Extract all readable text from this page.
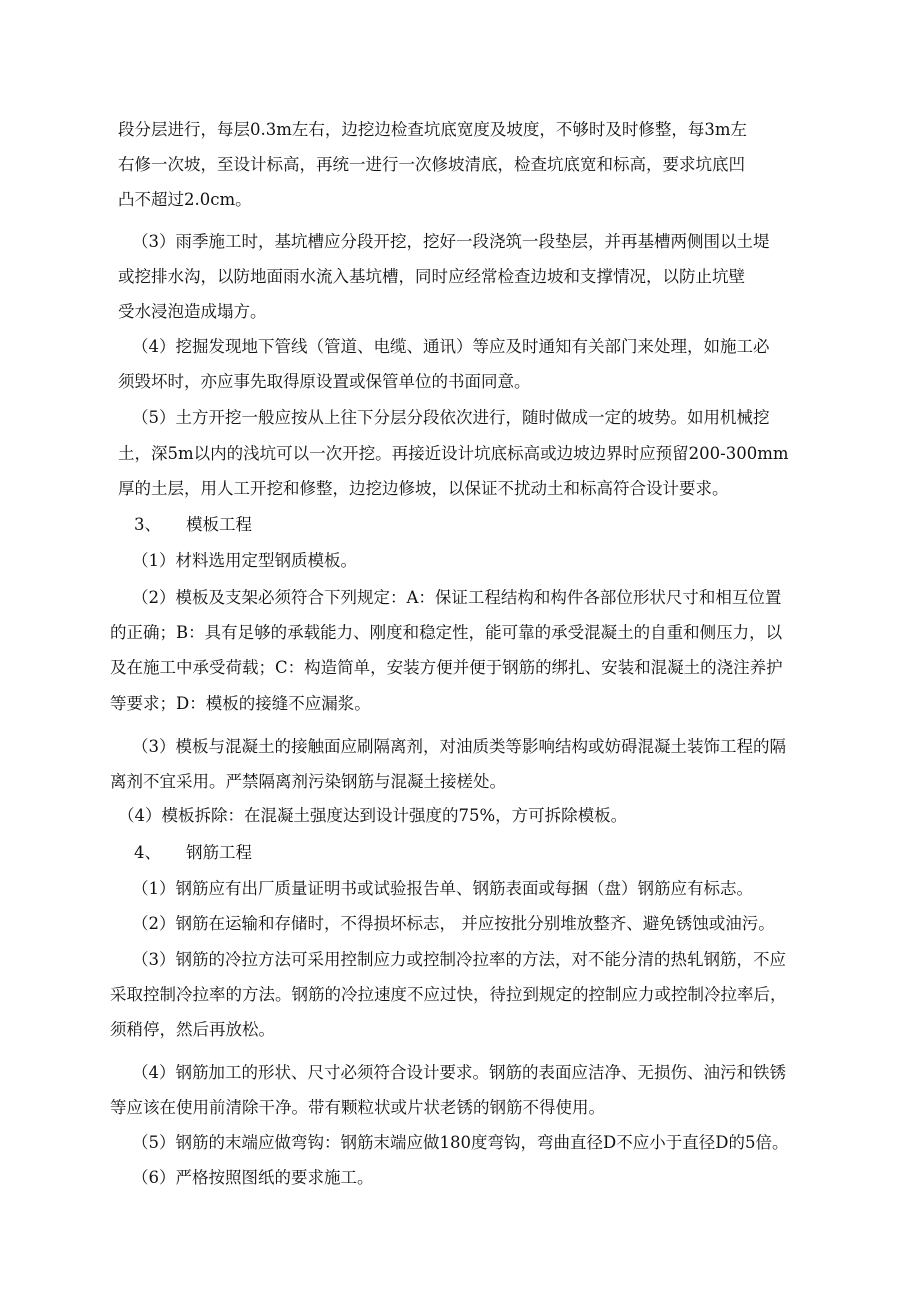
段分层进行，每层0.3m左右，边挖边检查坑底宽度及坡度，不够时及时修整，每3m左
右修一次坡，至设计标高，再统一进行一次修坡清底，检查坑底宽和标高，要求坑底凹
凸不超过2.0cm。
（3）雨季施工时，基坑槽应分段开挖，挖好一段浇筑一段垫层，并再基槽两侧围以土堤
或挖排水沟，以防地面雨水流入基坑槽，同时应经常检查边坡和支撑情况，以防止坑壁
受水浸泡造成塌方。
（4）挖掘发现地下管线（管道、电缆、通讯）等应及时通知有关部门来处理，如施工必
须毁坏时，亦应事先取得原设置或保管单位的书面同意。
（5）土方开挖一般应按从上往下分层分段依次进行，随时做成一定的坡势。如用机械挖
土，深5m以内的浅坑可以一次开挖。再接近设计坑底标高或边坡边界时应预留200-300mm
厚的土层，用人工开挖和修整，边挖边修坡，以保证不扰动土和标高符合设计要求。
3、 模板工程
（1）材料选用定型钢质模板。
（2）模板及支架必须符合下列规定：A：保证工程结构和构件各部位形状尺寸和相互位置
的正确；B：具有足够的承载能力、刚度和稳定性，能可靠的承受混凝土的自重和侧压力，以
及在施工中承受荷载；C：构造简单，安装方便并便于钢筋的绑扎、安装和混凝土的浇注养护
等要求；D：模板的接缝不应漏浆。
（3）模板与混凝土的接触面应刷隔离剂，对油质类等影响结构或妨碍混凝土装饰工程的隔
离剂不宜采用。严禁隔离剂污染钢筋与混凝土接槎处。
（4）模板拆除：在混凝土强度达到设计强度的75%，方可拆除模板。
4、 钢筋工程
（1）钢筋应有出厂质量证明书或试验报告单、钢筋表面或每捆（盘）钢筋应有标志。
（2）钢筋在运输和存储时，不得损坏标志， 并应按批分别堆放整齐、避免锈蚀或油污。
（3）钢筋的冷拉方法可采用控制应力或控制冷拉率的方法，对不能分清的热轧钢筋，不应
采取控制冷拉率的方法。钢筋的冷拉速度不应过快，待拉到规定的控制应力或控制冷拉率后，
须稍停，然后再放松。
（4）钢筋加工的形状、尺寸必须符合设计要求。钢筋的表面应洁净、无损伤、油污和铁锈
等应该在使用前清除干净。带有颗粒状或片状老锈的钢筋不得使用。
（5）钢筋的末端应做弯钩：钢筋末端应做180度弯钩，弯曲直径D不应小于直径D的5倍。
（6）严格按照图纸的要求施工。
